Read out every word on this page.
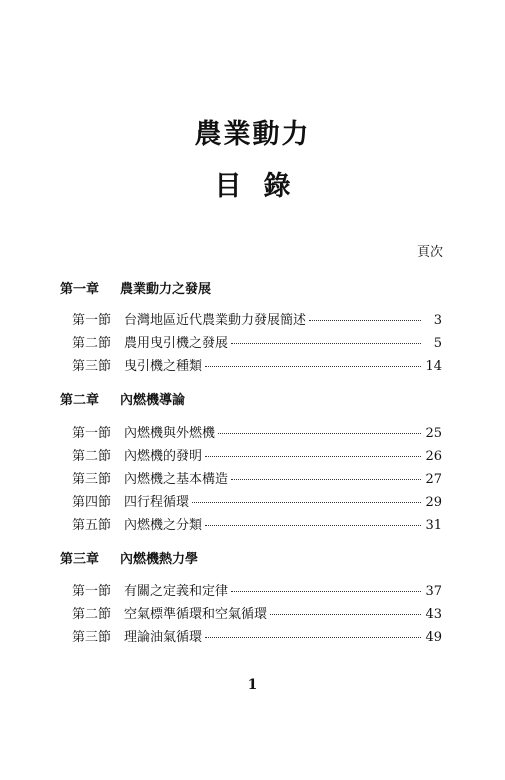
農業動力
目錄
頁次
第一章 農業動力之發展
第一節 台灣地區近代農業動力發展簡述	3
第二節 農用曳引機之發展	5
第三節 曳引機之種類	14
第二章 內燃機導論
第一節 內燃機與外燃機	25
第二節 內燃機的發明	26
第三節 內燃機之基本構造	27
第四節 四行程循環	29
第五節 內燃機之分類	31
第三章 內燃機熱力學
第一節 有關之定義和定律	37
第二節 空氣標準循環和空氣循環	43
第三節 理論油氣循環	49
1
